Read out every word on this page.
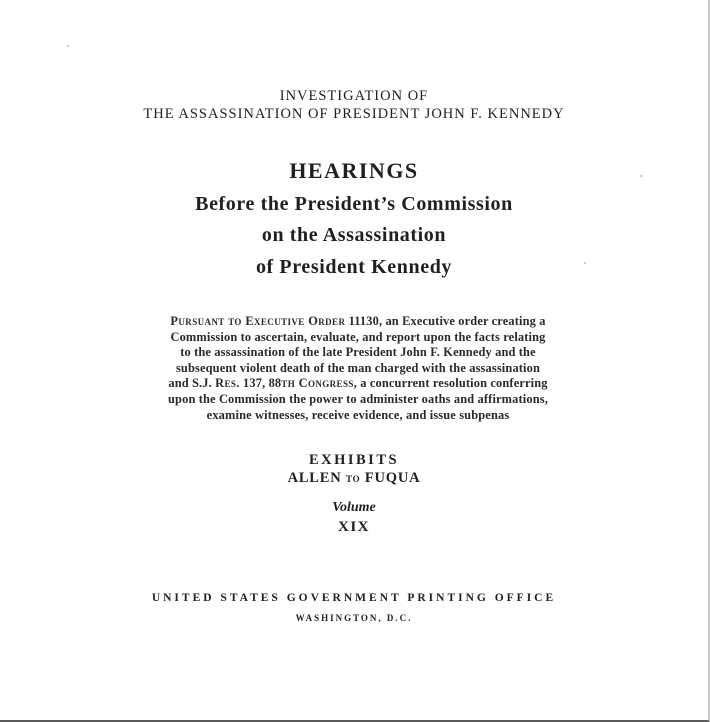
INVESTIGATION OF
THE ASSASSINATION OF PRESIDENT JOHN F. KENNEDY
HEARINGS
Before the President’s Commission
on the Assassination
of President Kennedy
Pursuant to Executive Order 11130, an Executive order creating a
Commission to ascertain, evaluate, and report upon the facts relating
to the assassination of the late President John F. Kennedy and the
subsequent violent death of the man charged with the assassination
and S.J. Res. 137, 88th Congress, a concurrent resolution conferring
upon the Commission the power to administer oaths and affirmations,
examine witnesses, receive evidence, and issue subpenas
EXHIBITS
ALLEN to FUQUA
Volume
XIX
UNITED STATES GOVERNMENT PRINTING OFFICE
WASHINGTON, D.C.
